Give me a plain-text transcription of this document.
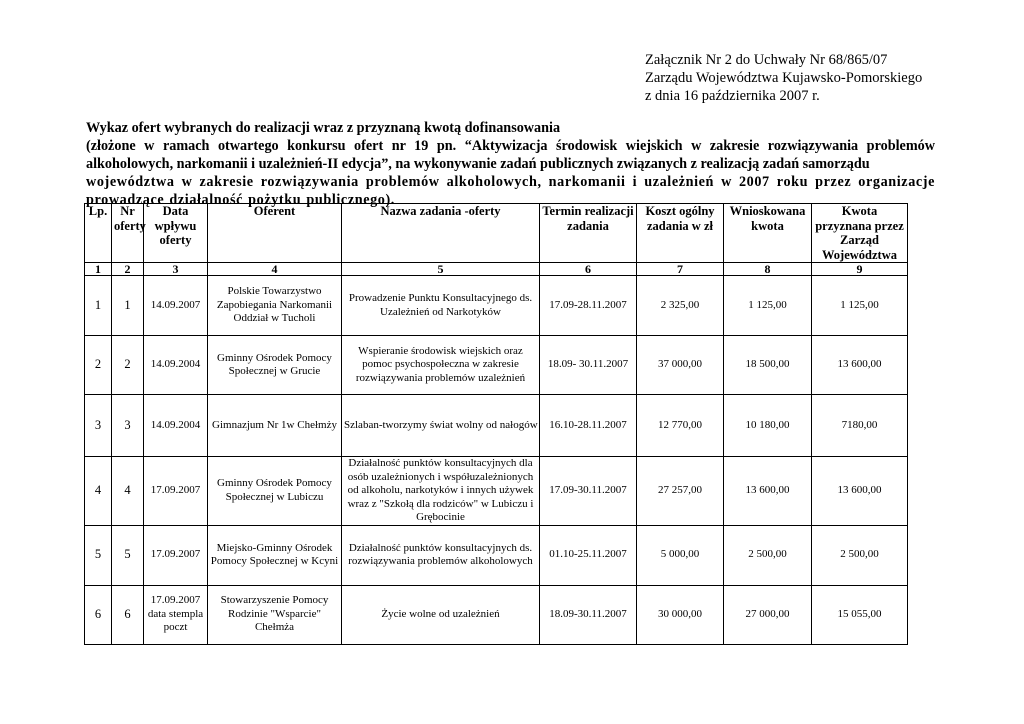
Załącznik Nr 2 do Uchwały Nr 68/865/07
Zarządu Województwa Kujawsko-Pomorskiego
z dnia 16 października 2007 r.
Wykaz ofert wybranych do realizacji wraz z przyznaną kwotą dofinansowania
(złożone w ramach otwartego konkursu ofert nr 19 pn. “Aktywizacja środowisk wiejskich w zakresie rozwiązywania problemów alkoholowych, narkomanii i uzależnień-II edycja”, na wykonywanie zadań publicznych związanych z realizacją zadań samorządu
województwa w zakresie rozwiązywania problemów alkoholowych, narkomanii i uzależnień w 2007 roku przez organizacje prowadzące działalność pożytku publicznego).
Lp.	Nr oferty	Data wpływu oferty	Oferent	Nazwa zadania -oferty	Termin realizacji zadania	Koszt ogólny zadania w zł	Wnioskowana kwota	Kwota przyznana przez Zarząd Województwa
1	2	3	4	5	6	7	8	9
1	1	14.09.2007	Polskie Towarzystwo Zapobiegania Narkomanii Oddział w Tucholi	Prowadzenie Punktu Konsultacyjnego ds. Uzależnień od Narkotyków	17.09-28.11.2007	2 325,00	1 125,00	1 125,00
2	2	14.09.2004	Gminny Ośrodek Pomocy Społecznej w Grucie	Wspieranie środowisk wiejskich oraz pomoc psychospołeczna w zakresie rozwiązywania problemów uzależnień	18.09- 30.11.2007	37 000,00	18 500,00	13 600,00
3	3	14.09.2004	Gimnazjum Nr 1w Chełmży	Szlaban-tworzymy świat wolny od nałogów	16.10-28.11.2007	12 770,00	10 180,00	7180,00
4	4	17.09.2007	Gminny Ośrodek Pomocy Społecznej w Lubiczu	Działalność punktów konsultacyjnych dla osób uzależnionych i współuzależnionych od alkoholu, narkotyków i innych używek wraz z "Szkołą dla rodziców" w Lubiczu i Grębocinie	17.09-30.11.2007	27 257,00	13 600,00	13 600,00
5	5	17.09.2007	Miejsko-Gminny Ośrodek Pomocy Społecznej w Kcyni	Działalność punktów konsultacyjnych ds. rozwiązywania problemów alkoholowych	01.10-25.11.2007	5 000,00	2 500,00	2 500,00
6	6	17.09.2007 data stempla poczt	Stowarzyszenie Pomocy Rodzinie "Wsparcie" Chełmża	Życie wolne od uzależnień	18.09-30.11.2007	30 000,00	27 000,00	15 055,00
